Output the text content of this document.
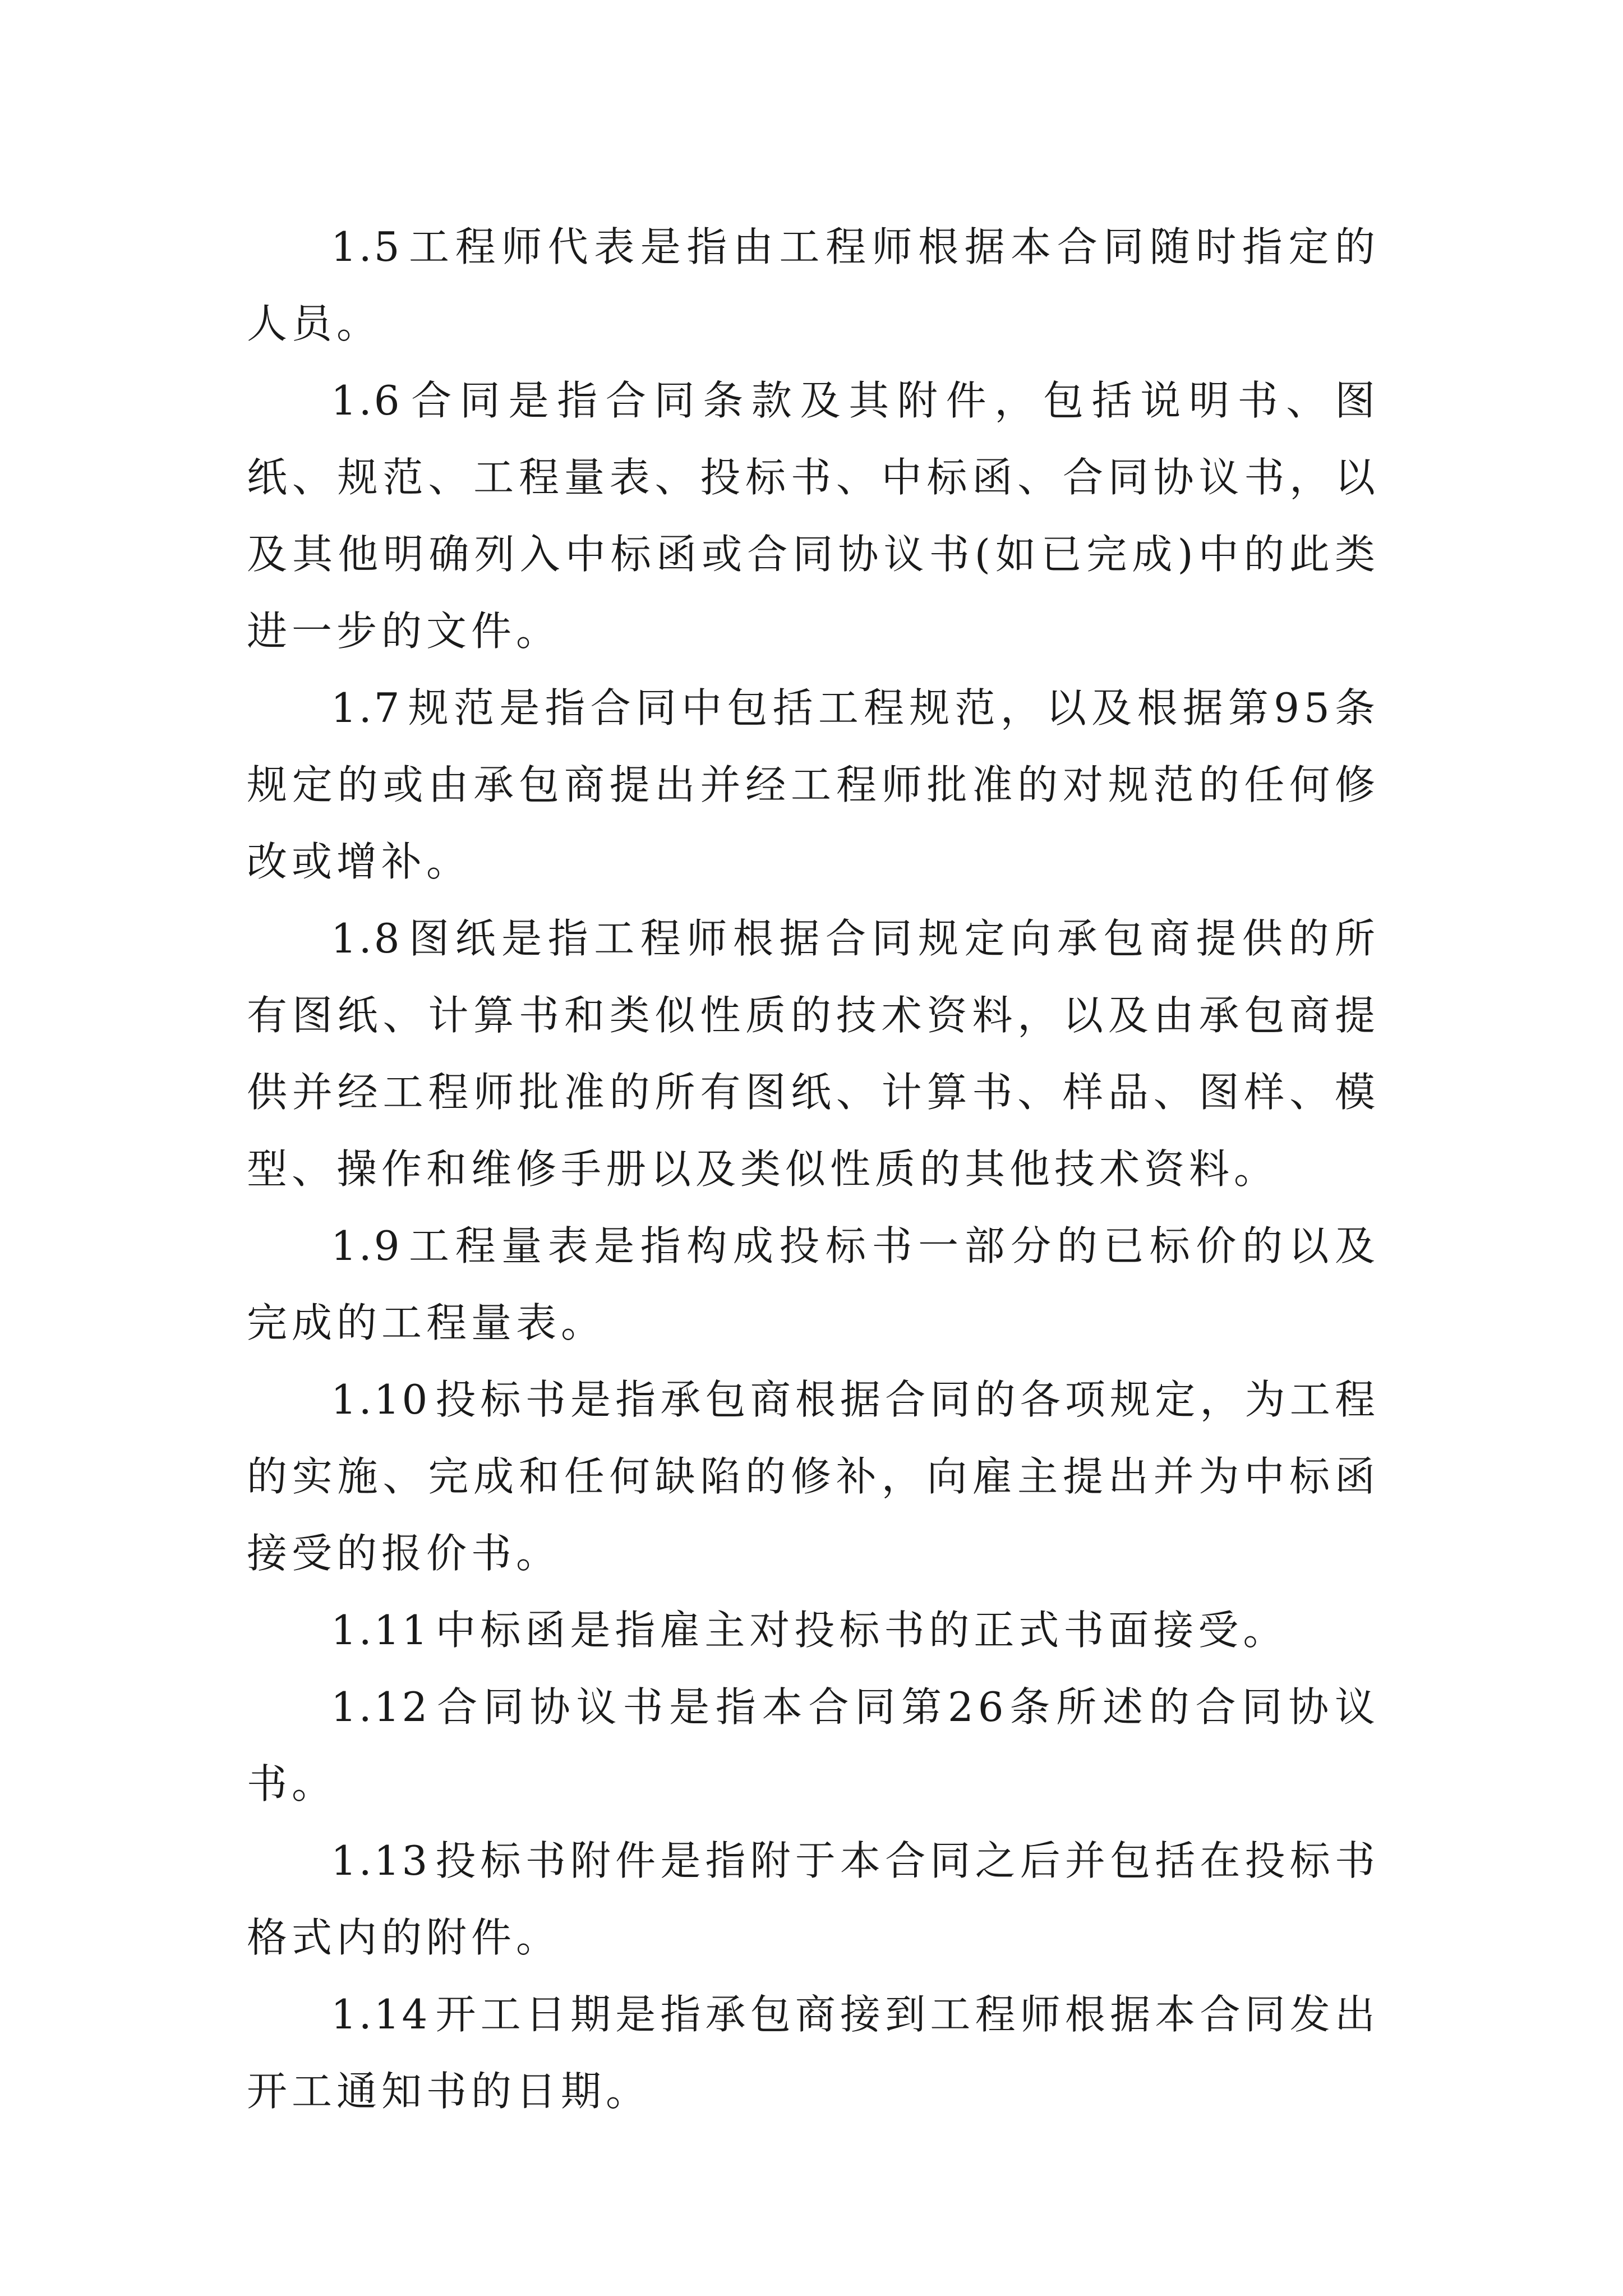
1.5 工程师代表是指由工程师根据本合同随时指定的人员。

1.6 合同是指合同条款及其附件，包括说明书、图纸、规范、工程量表、投标书、中标函、合同协议书，以及其他明确列入中标函或合同协议书(如已完成)中的此类进一步的文件。

1.7 规范是指合同中包括工程规范，以及根据第95条规定的或由承包商提出并经工程师批准的对规范的任何修改或增补。

1.8 图纸是指工程师根据合同规定向承包商提供的所有图纸、计算书和类似性质的技术资料，以及由承包商提供并经工程师批准的所有图纸、计算书、样品、图样、模型、操作和维修手册以及类似性质的其他技术资料。

1.9 工程量表是指构成投标书一部分的已标价的以及完成的工程量表。

1.10 投标书是指承包商根据合同的各项规定，为工程的实施、完成和任何缺陷的修补，向雇主提出并为中标函接受的报价书。

1.11 中标函是指雇主对投标书的正式书面接受。

1.12 合同协议书是指本合同第26条所述的合同协议书。

1.13 投标书附件是指附于本合同之后并包括在投标书格式内的附件。

1.14 开工日期是指承包商接到工程师根据本合同发出开工通知书的日期。
